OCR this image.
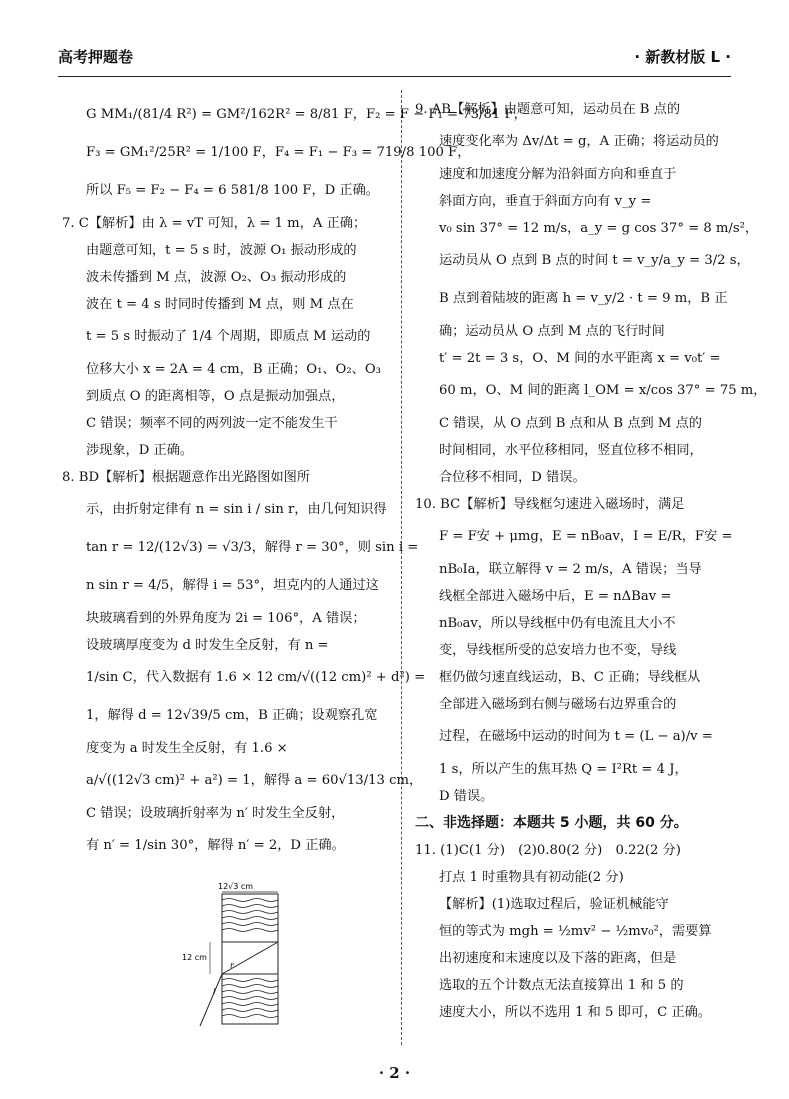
高考押题卷	· 新教材版 L ·
G MM₁/(81/4 R²) = GM²/162R² = 8/81 F，F₂ = F − F₁ = 73/81 F，
F₃ = GM₁²/25R² = 1/100 F，F₄ = F₁ − F₃ = 719/8 100 F，
所以 F₅ = F₂ − F₄ = 6 581/8 100 F，D 正确。
7. C【解析】由 λ = vT 可知，λ = 1 m，A 正确；
由题意可知，t = 5 s 时，波源 O₁ 振动形成的
波未传播到 M 点，波源 O₂、O₃ 振动形成的
波在 t = 4 s 时同时传播到 M 点，则 M 点在
t = 5 s 时振动了 1/4 个周期，即质点 M 运动的
位移大小 x = 2A = 4 cm，B 正确；O₁、O₂、O₃
到质点 O 的距离相等，O 点是振动加强点，
C 错误；频率不同的两列波一定不能发生干
涉现象，D 正确。
8. BD【解析】根据题意作出光路图如图所
示，由折射定律有 n = sin i / sin r，由几何知识得
tan r = 12/(12√3) = √3/3，解得 r = 30°，则 sin i =
n sin r = 4/5，解得 i = 53°，坦克内的人通过这
块玻璃看到的外界角度为 2i = 106°，A 错误；
设玻璃厚度变为 d 时发生全反射，有 n =
1/sin C，代入数据有 1.6 × 12 cm/√((12 cm)² + d²) =
1，解得 d = 12√39/5 cm，B 正确；设观察孔宽
度变为 a 时发生全反射，有 1.6 ×
a/√((12√3 cm)² + a²) = 1，解得 a = 60√13/13 cm，
C 错误；设玻璃折射率为 n′ 时发生全反射，
有 n′ = 1/sin 30°，解得 n′ = 2，D 正确。
9. AB【解析】由题意可知，运动员在 B 点的
速度变化率为 Δv/Δt = g，A 正确；将运动员的
速度和加速度分解为沿斜面方向和垂直于
斜面方向，垂直于斜面方向有 v_y =
v₀ sin 37° = 12 m/s，a_y = g cos 37° = 8 m/s²，
运动员从 O 点到 B 点的时间 t = v_y/a_y = 3/2 s，
B 点到着陆坡的距离 h = v_y/2 · t = 9 m，B 正
确；运动员从 O 点到 M 点的飞行时间
t′ = 2t = 3 s，O、M 间的水平距离 x = v₀t′ =
60 m，O、M 间的距离 l_OM = x/cos 37° = 75 m，
C 错误，从 O 点到 B 点和从 B 点到 M 点的
时间相同，水平位移相同，竖直位移不相同，
合位移不相同，D 错误。
10. BC【解析】导线框匀速进入磁场时，满足
F = F安 + μmg，E = nB₀av，I = E/R，F安 =
nB₀Ia，联立解得 v = 2 m/s，A 错误；当导
线框全部进入磁场中后，E = nΔBav =
nB₀av，所以导线框中仍有电流且大小不
变，导线框所受的总安培力也不变，导线
框仍做匀速直线运动，B、C 正确；导线框从
全部进入磁场到右侧与磁场右边界重合的
过程，在磁场中运动的时间为 t = (L − a)/v =
1 s，所以产生的焦耳热 Q = I²Rt = 4 J，
D 错误。
二、非选择题：本题共 5 小题，共 60 分。
11. (1)C(1 分)　(2)0.80(2 分)　0.22(2 分)
打点 1 时重物具有初动能(2 分)
【解析】(1)选取过程后，验证机械能守
恒的等式为 mgh = ½mv² − ½mv₀²，需要算
出初速度和末速度以及下落的距离，但是
选取的五个计数点无法直接算出 1 和 5 的
速度大小，所以不选用 1 和 5 即可，C 正确。
12√3 cm
12 cm
r
i
· 2 ·
